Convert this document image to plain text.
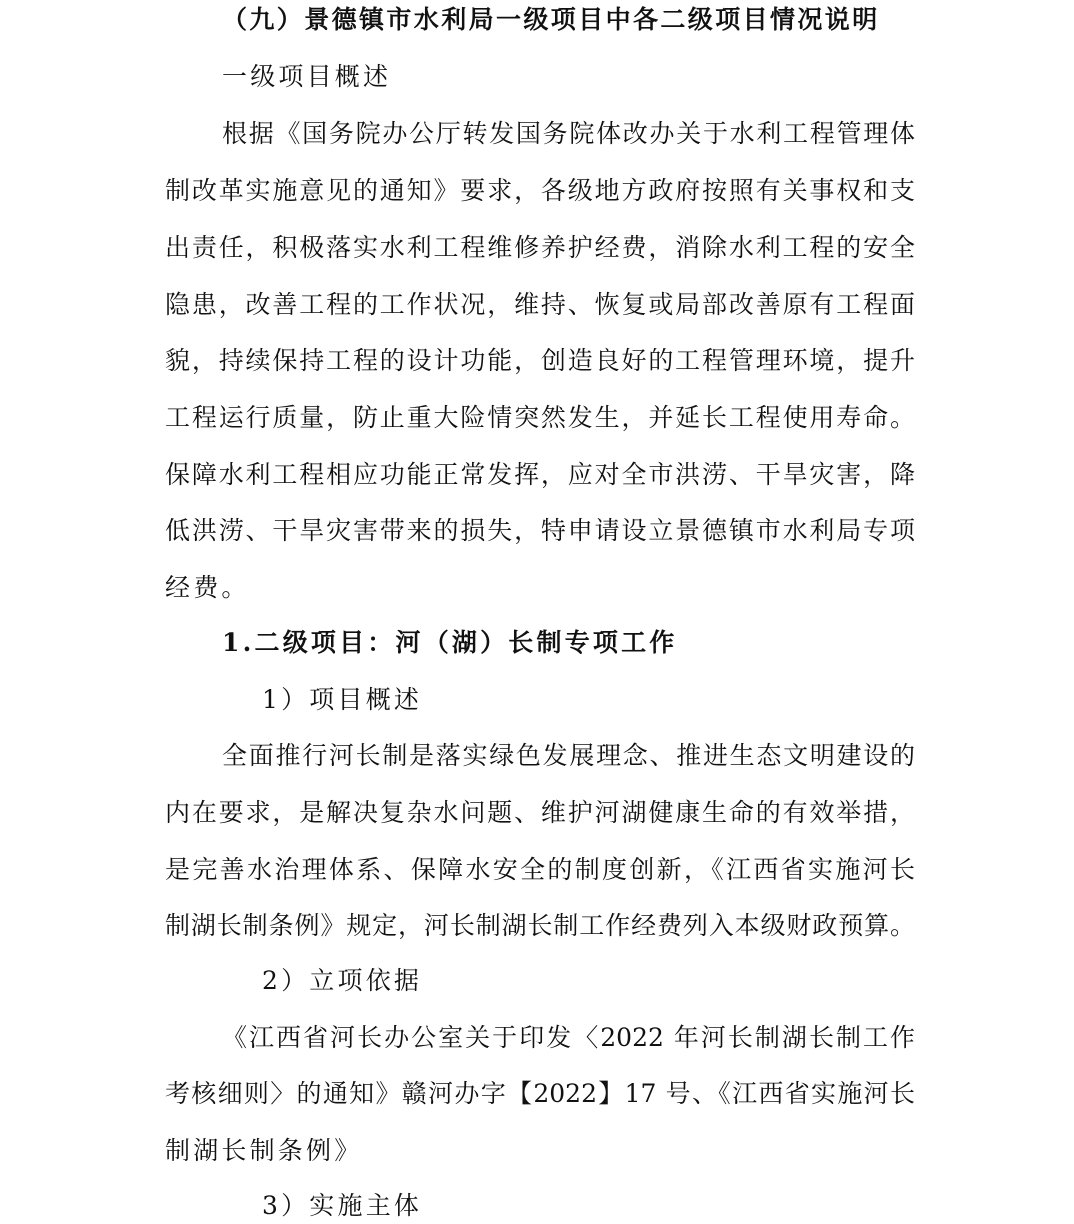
（九）景德镇市水利局一级项目中各二级项目情况说明

一级项目概述

根据《国务院办公厅转发国务院体改办关于水利工程管理体

制改革实施意见的通知》要求，各级地方政府按照有关事权和支

出责任，积极落实水利工程维修养护经费，消除水利工程的安全

隐患，改善工程的工作状况，维持、恢复或局部改善原有工程面

貌，持续保持工程的设计功能，创造良好的工程管理环境，提升

工程运行质量，防止重大险情突然发生，并延长工程使用寿命。

保障水利工程相应功能正常发挥，应对全市洪涝、干旱灾害，降

低洪涝、干旱灾害带来的损失，特申请设立景德镇市水利局专项

经费。

1.二级项目：河（湖）长制专项工作

1）项目概述

全面推行河长制是落实绿色发展理念、推进生态文明建设的

内在要求，是解决复杂水问题、维护河湖健康生命的有效举措，

是完善水治理体系、保障水安全的制度创新，《江西省实施河长

制湖长制条例》规定，河长制湖长制工作经费列入本级财政预算。

2）立项依据

《江西省河长办公室关于印发〈2022 年河长制湖长制工作

考核细则〉的通知》赣河办字【2022】17 号、《江西省实施河长

制湖长制条例》

3）实施主体
